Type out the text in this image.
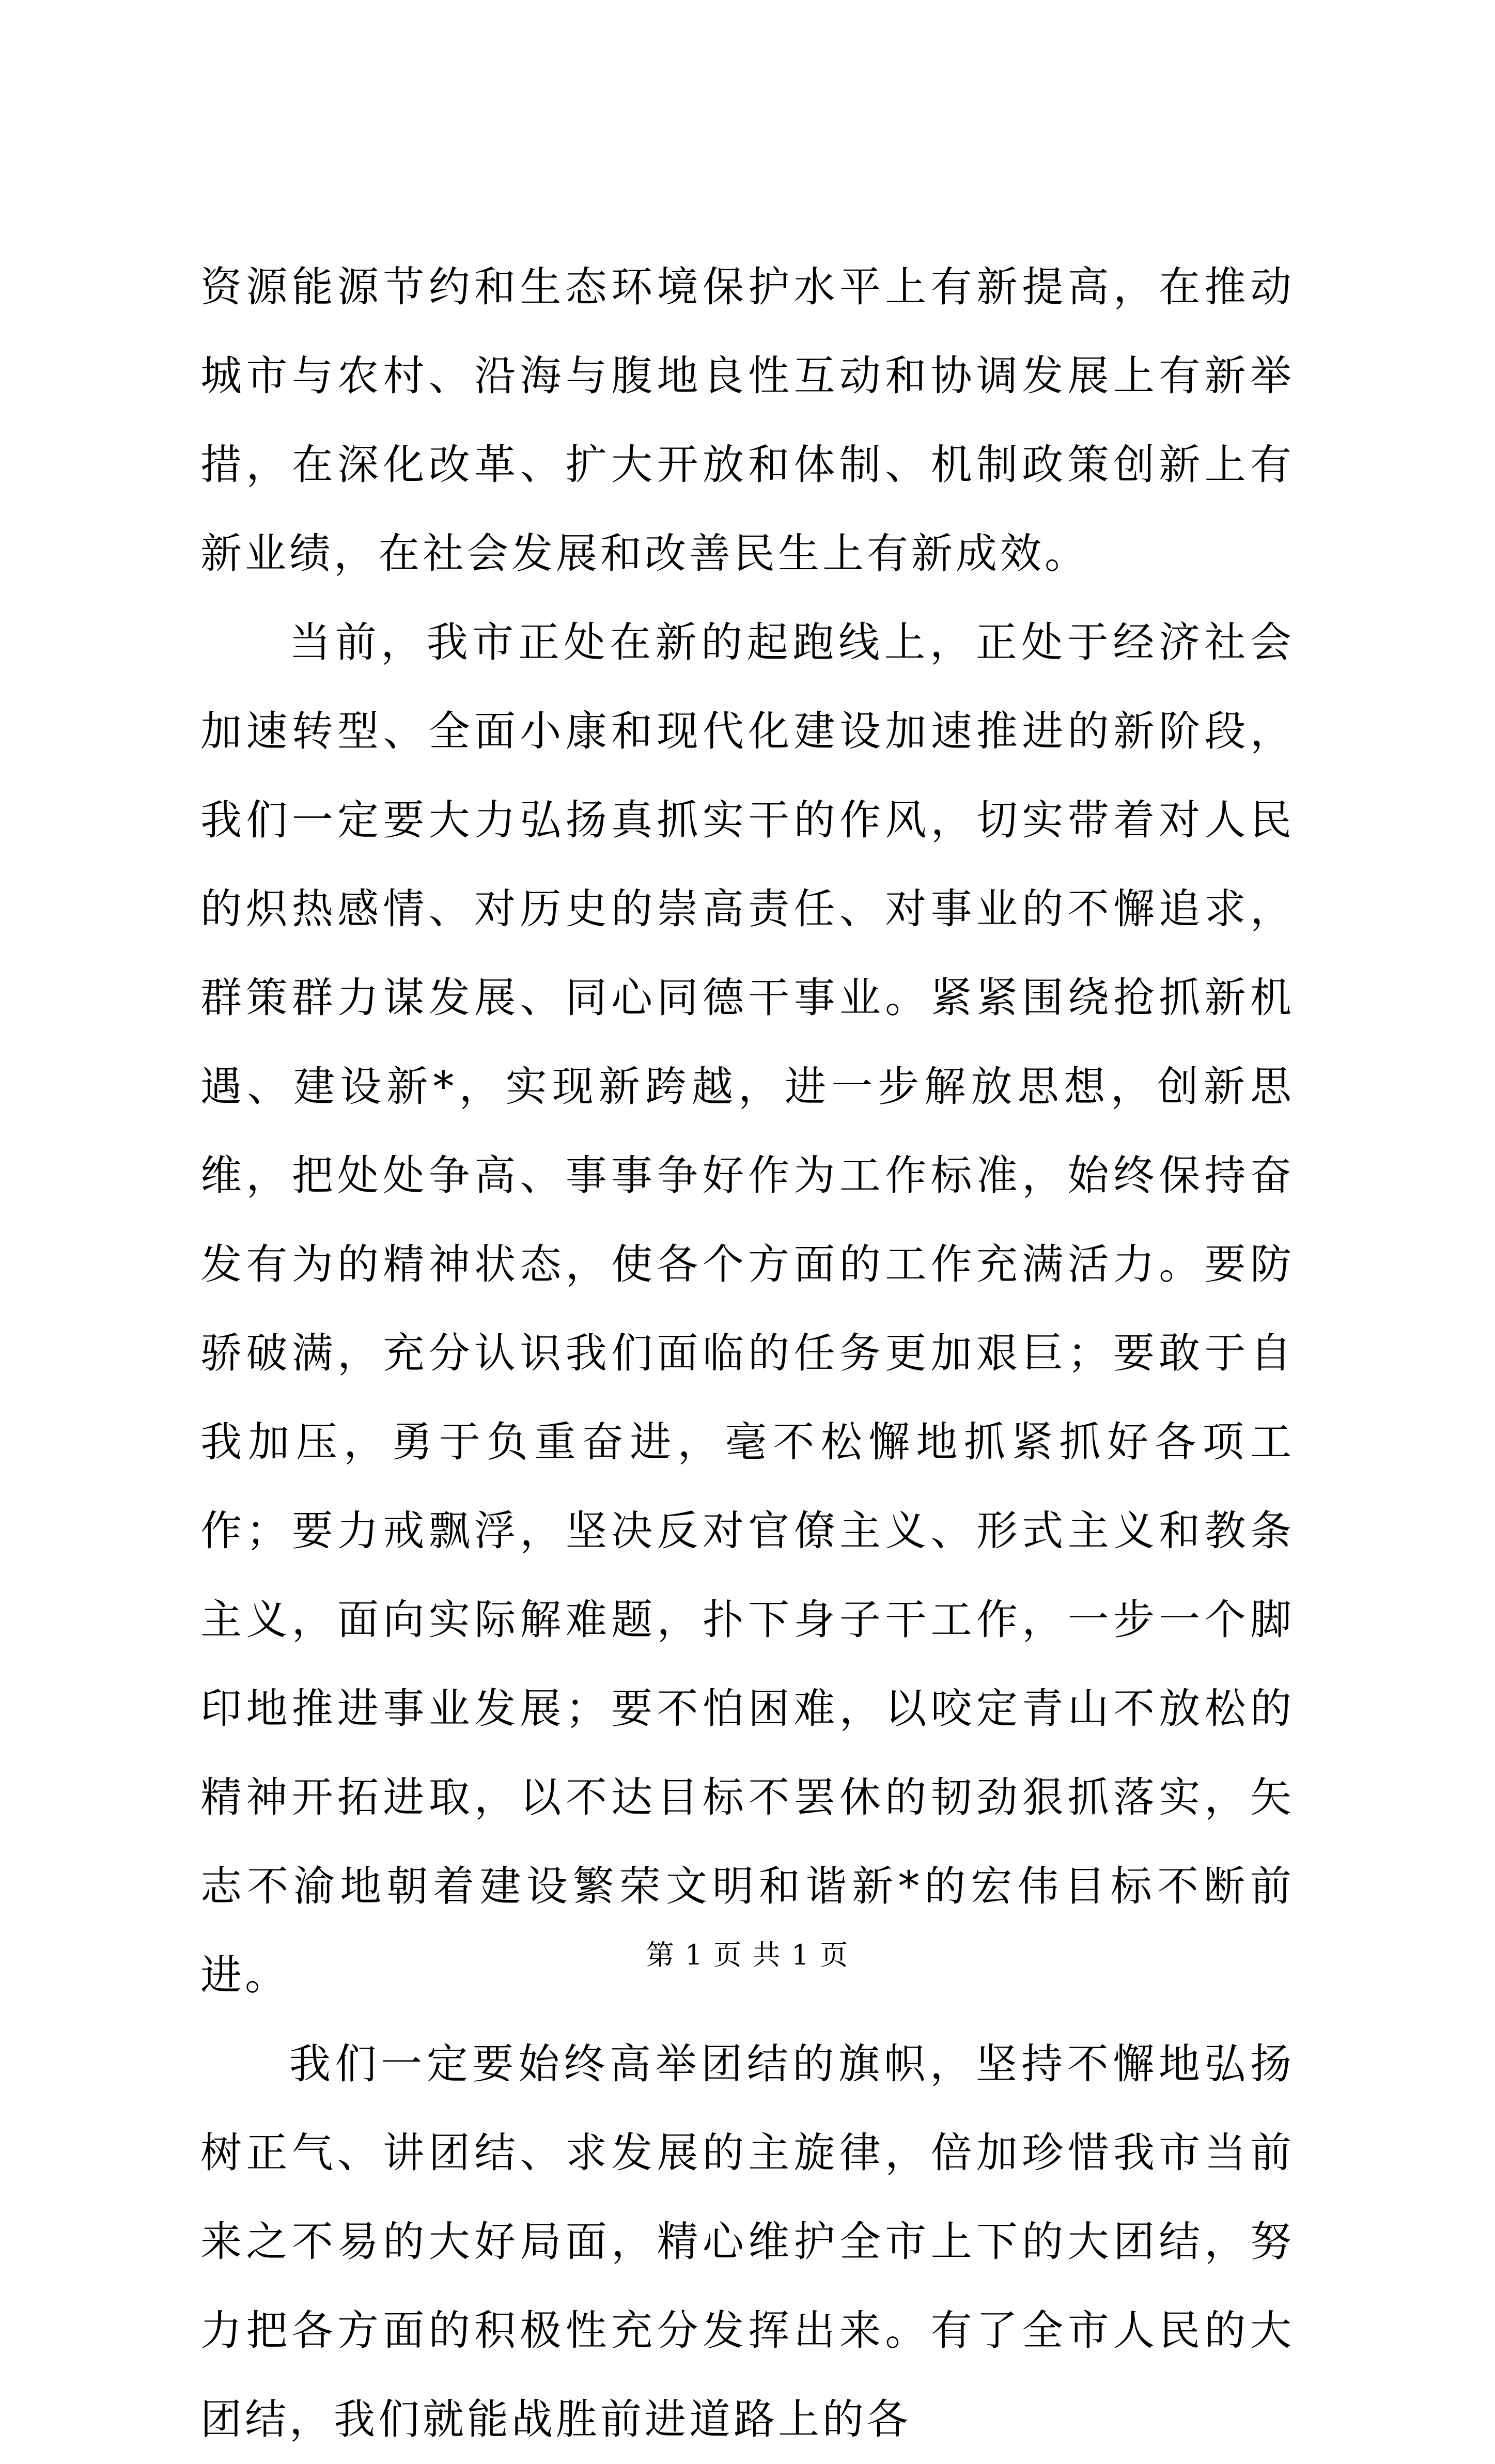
资源能源节约和生态环境保护水平上有新提高，在推动城市与农村、沿海与腹地良性互动和协调发展上有新举措，在深化改革、扩大开放和体制、机制政策创新上有新业绩，在社会发展和改善民生上有新成效。

当前，我市正处在新的起跑线上，正处于经济社会加速转型、全面小康和现代化建设加速推进的新阶段，我们一定要大力弘扬真抓实干的作风，切实带着对人民的炽热感情、对历史的崇高责任、对事业的不懈追求，群策群力谋发展、同心同德干事业。紧紧围绕抢抓新机遇、建设新*，实现新跨越，进一步解放思想，创新思维，把处处争高、事事争好作为工作标准，始终保持奋发有为的精神状态，使各个方面的工作充满活力。要防骄破满，充分认识我们面临的任务更加艰巨；要敢于自我加压，勇于负重奋进，毫不松懈地抓紧抓好各项工作；要力戒飘浮，坚决反对官僚主义、形式主义和教条主义，面向实际解难题，扑下身子干工作，一步一个脚印地推进事业发展；要不怕困难，以咬定青山不放松的精神开拓进取，以不达目标不罢休的韧劲狠抓落实，矢志不渝地朝着建设繁荣文明和谐新*的宏伟目标不断前进。

我们一定要始终高举团结的旗帜，坚持不懈地弘扬树正气、讲团结、求发展的主旋律，倍加珍惜我市当前来之不易的大好局面，精心维护全市上下的大团结，努力把各方面的积极性充分发挥出来。有了全市人民的大团结，我们就能战胜前进道路上的各

第 1 页 共 1 页
